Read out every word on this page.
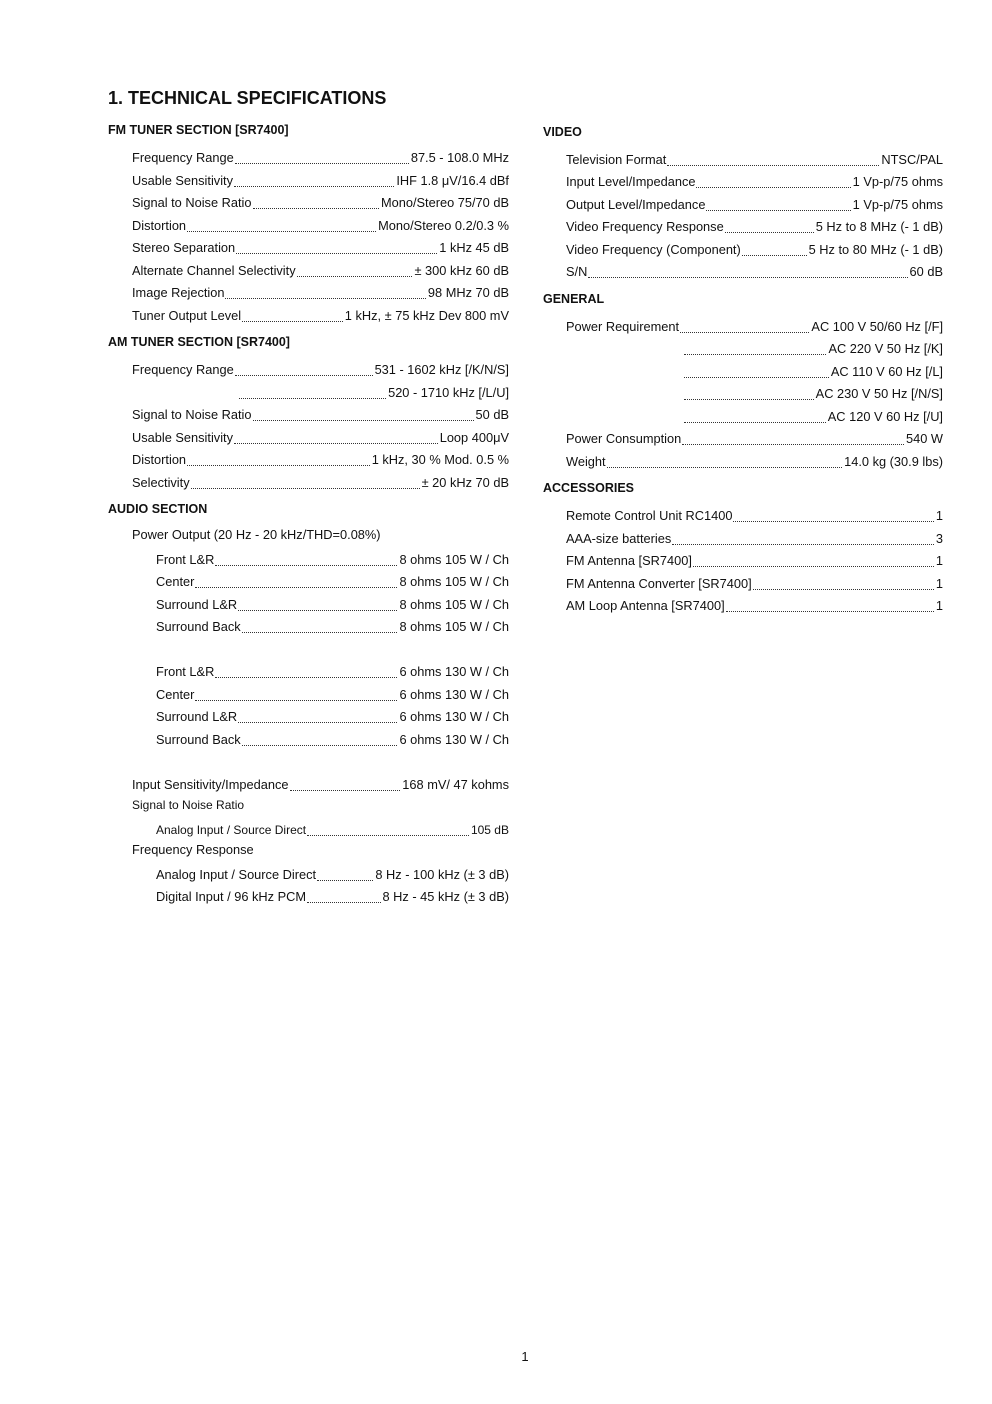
1. TECHNICAL SPECIFICATIONS
FM TUNER SECTION [SR7400]
Frequency Range	87.5 - 108.0 MHz
Usable Sensitivity	IHF 1.8 μV/16.4 dBf
Signal to Noise Ratio	Mono/Stereo 75/70 dB
Distortion	Mono/Stereo 0.2/0.3 %
Stereo Separation	1 kHz 45 dB
Alternate Channel Selectivity	± 300 kHz 60 dB
Image Rejection	98 MHz 70 dB
Tuner Output Level	1 kHz, ± 75 kHz Dev 800 mV
AM TUNER SECTION [SR7400]
Frequency Range	531 - 1602 kHz [/K/N/S]
520 - 1710 kHz [/L/U]
Signal to Noise Ratio	50 dB
Usable Sensitivity	Loop 400μV
Distortion	1 kHz, 30 % Mod. 0.5 %
Selectivity	± 20 kHz 70 dB
AUDIO SECTION
Power Output (20 Hz - 20 kHz/THD=0.08%)
Front L&R	8 ohms 105 W / Ch
Center	8 ohms 105 W / Ch
Surround L&R	8 ohms 105 W / Ch
Surround Back	8 ohms 105 W / Ch
Front L&R	6 ohms 130 W / Ch
Center	6 ohms 130 W / Ch
Surround L&R	6 ohms 130 W / Ch
Surround Back	6 ohms 130 W / Ch
Input Sensitivity/Impedance	168 mV/ 47 kohms
Signal to Noise Ratio
Analog Input / Source Direct	105 dB
Frequency Response
Analog Input / Source Direct	8 Hz - 100 kHz (± 3 dB)
Digital Input / 96 kHz PCM	8 Hz - 45 kHz (± 3 dB)
VIDEO
Television Format	NTSC/PAL
Input Level/Impedance	1 Vp-p/75 ohms
Output Level/Impedance	1 Vp-p/75 ohms
Video Frequency Response	5 Hz to 8 MHz (- 1 dB)
Video Frequency (Component)	5 Hz to 80 MHz (- 1 dB)
S/N	60 dB
GENERAL
Power Requirement	AC 100 V 50/60 Hz [/F]
AC 220 V 50 Hz [/K]
AC 110 V 60 Hz [/L]
AC 230 V 50 Hz [/N/S]
AC 120 V 60 Hz [/U]
Power Consumption	540 W
Weight	14.0 kg (30.9 lbs)
ACCESSORIES
Remote Control Unit RC1400	1
AAA-size batteries	3
FM Antenna [SR7400]	1
FM Antenna Converter [SR7400]	1
AM Loop Antenna [SR7400]	1
1
